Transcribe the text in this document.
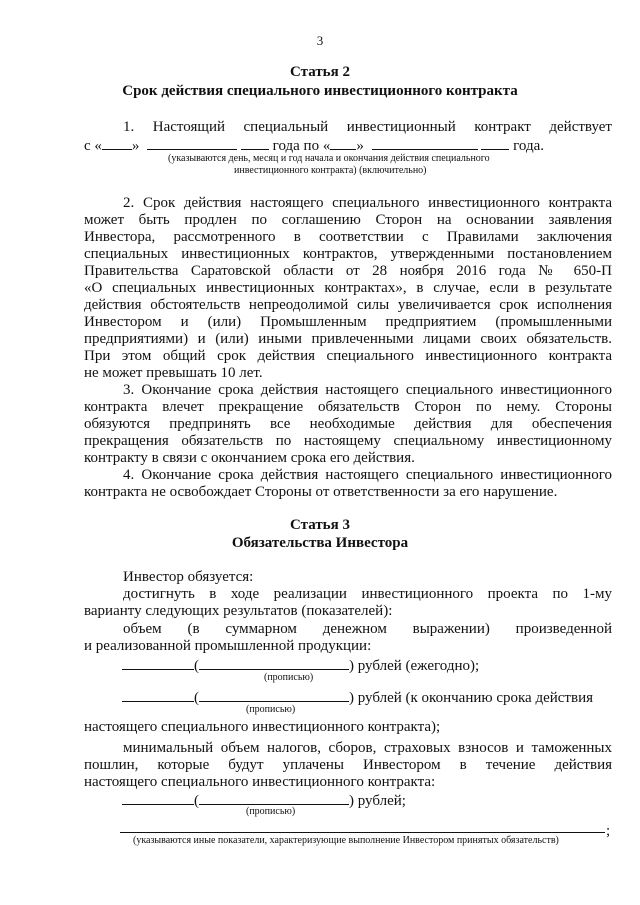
3
Статья 2
Срок действия специального инвестиционного контракта
1. Настоящий специальный инвестиционный контракт действует
с « »	года по « »	года.
(указываются день, месяц и год начала и окончания действия специального
инвестиционного контракта) (включительно)
2. Срок действия настоящего специального инвестиционного контракта
может быть продлен по соглашению Сторон на основании заявления
Инвестора, рассмотренного в соответствии с Правилами заключения
специальных инвестиционных контрактов, утвержденными постановлением
Правительства Саратовской области от 28 ноября 2016 года № 650-П
«О специальных инвестиционных контрактах», в случае, если в результате
действия обстоятельств непреодолимой силы увеличивается срок исполнения
Инвестором и (или) Промышленным предприятием (промышленными
предприятиями) и (или) иными привлеченными лицами своих обязательств.
При этом общий срок действия специального инвестиционного контракта
не может превышать 10 лет.
3. Окончание срока действия настоящего специального инвестиционного
контракта влечет прекращение обязательств Сторон по нему. Стороны
обязуются предпринять все необходимые действия для обеспечения
прекращения обязательств по настоящему специальному инвестиционному
контракту в связи с окончанием срока его действия.
4. Окончание срока действия настоящего специального инвестиционного
контракта не освобождает Стороны от ответственности за его нарушение.
Статья 3
Обязательства Инвестора
Инвестор обязуется:
достигнуть в ходе реализации инвестиционного проекта по 1-му
варианту следующих результатов (показателей):
объем (в суммарном денежном выражении) произведенной
и реализованной промышленной продукции:
(	) рублей (ежегодно);
(прописью)
(	) рублей (к окончанию срока действия
(прописью)
настоящего специального инвестиционного контракта);
минимальный объем налогов, сборов, страховых взносов и таможенных
пошлин, которые будут уплачены Инвестором в течение действия
настоящего специального инвестиционного контракта:
(	) рублей;
(прописью)
;
(указываются иные показатели, характеризующие выполнение Инвестором принятых обязательств)
